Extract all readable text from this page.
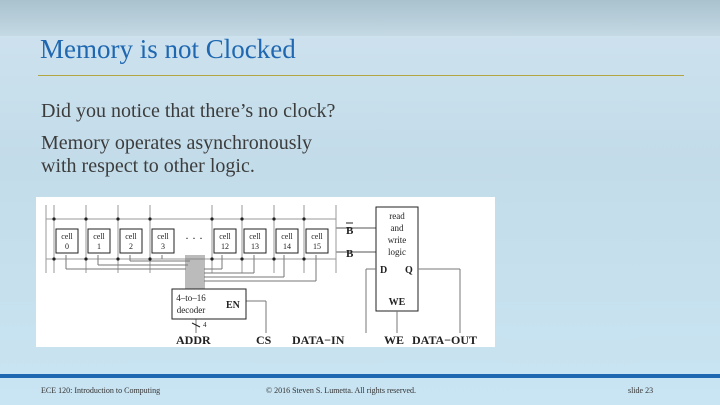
Memory is not Clocked
Did you notice that there’s no clock?
Memory operates asynchronously
with respect to other logic.
cell
0
cell
1
cell
2
cell
3
· · · cell
12
cell
13
cell
14
cell
15
B
B
read
and
write
logic
D Q
WE
4–to–16
decoder EN
4
ADDR	CS DATA−IN	WE DATA−OUT
ECE 120: Introduction to Computing	© 2016 Steven S. Lumetta. All rights reserved.	slide 23
